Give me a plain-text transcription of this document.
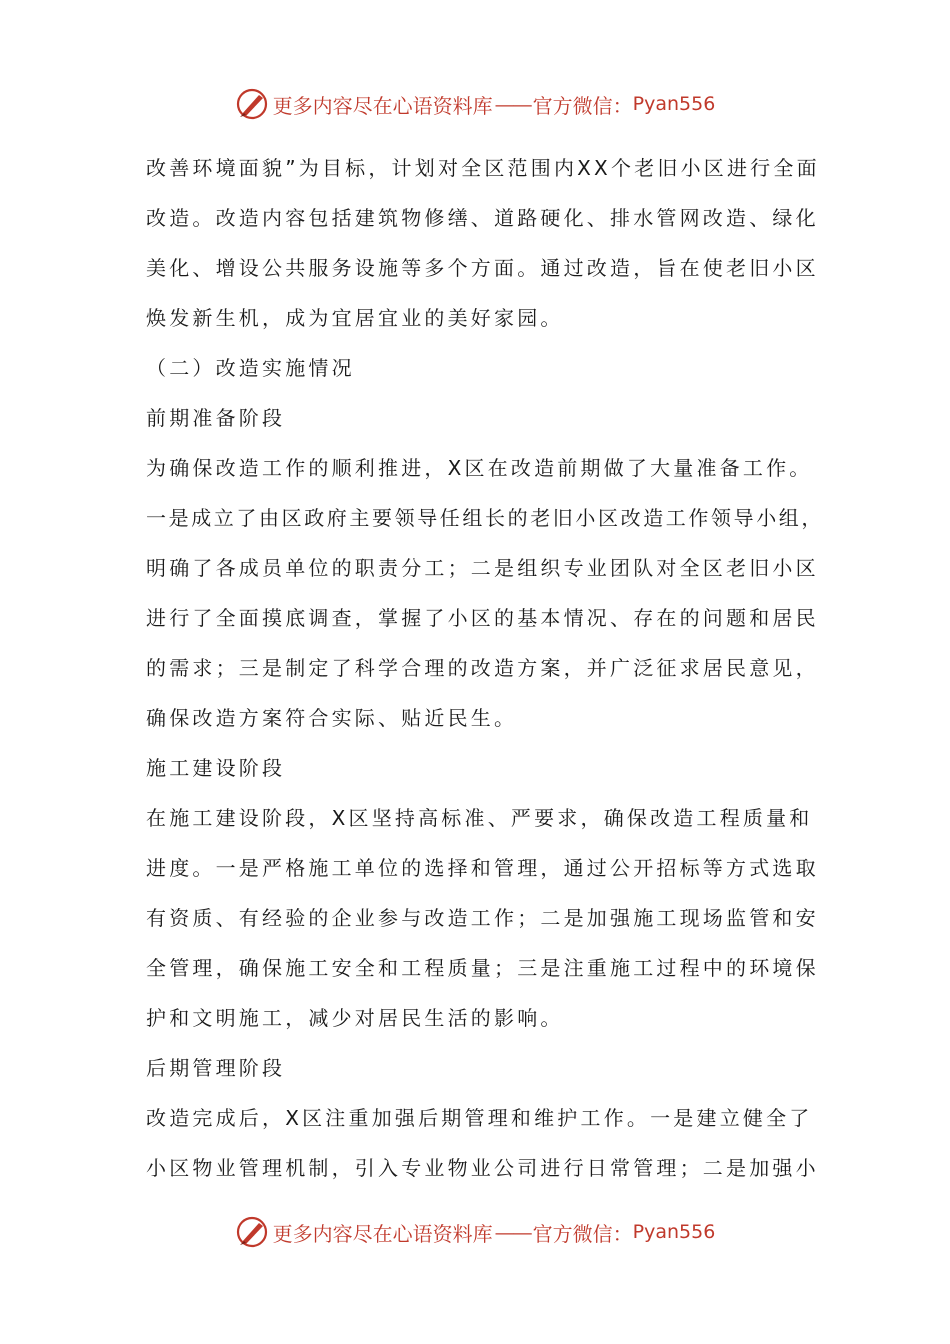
更多内容尽在心语资料库 —— 官方微信： Pyan556
改善环境面貌”为目标，计划对全区范围内XX个老旧小区进行全面
改造。改造内容包括建筑物修缮、道路硬化、排水管网改造、绿化
美化、增设公共服务设施等多个方面。通过改造，旨在使老旧小区
焕发新生机，成为宜居宜业的美好家园。
（二）改造实施情况
前期准备阶段
为确保改造工作的顺利推进，X区在改造前期做了大量准备工作。
一是成立了由区政府主要领导任组长的老旧小区改造工作领导小组，
明确了各成员单位的职责分工；二是组织专业团队对全区老旧小区
进行了全面摸底调查，掌握了小区的基本情况、存在的问题和居民
的需求；三是制定了科学合理的改造方案，并广泛征求居民意见，
确保改造方案符合实际、贴近民生。
施工建设阶段
在施工建设阶段，X区坚持高标准、严要求，确保改造工程质量和
进度。一是严格施工单位的选择和管理，通过公开招标等方式选取
有资质、有经验的企业参与改造工作；二是加强施工现场监管和安
全管理，确保施工安全和工程质量；三是注重施工过程中的环境保
护和文明施工，减少对居民生活的影响。
后期管理阶段
改造完成后，X区注重加强后期管理和维护工作。一是建立健全了
小区物业管理机制，引入专业物业公司进行日常管理；二是加强小
更多内容尽在心语资料库 —— 官方微信： Pyan556
